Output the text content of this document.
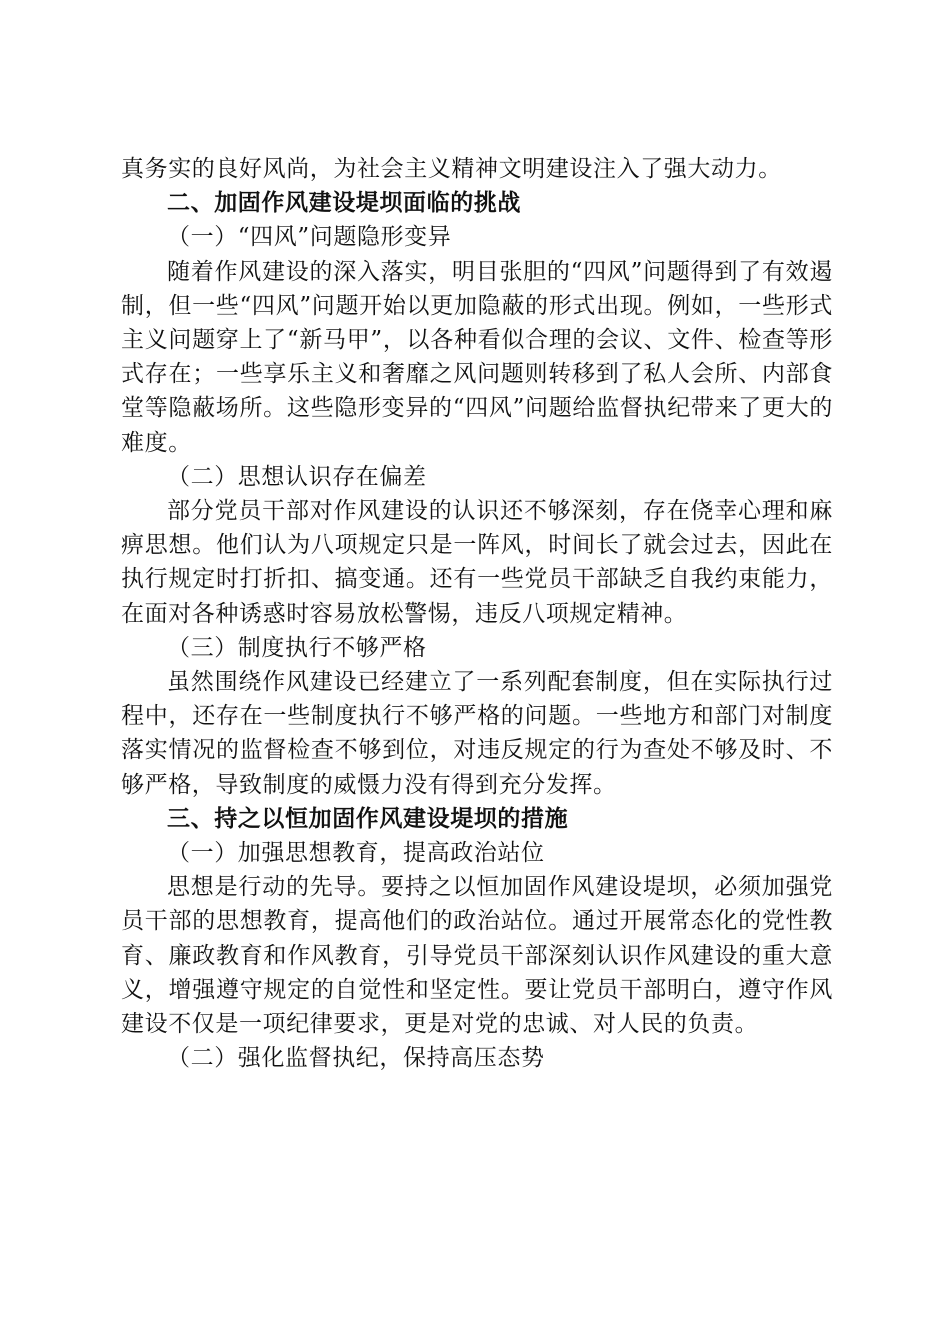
真务实的良好风尚，为社会主义精神文明建设注入了强大动力。

二、加固作风建设堤坝面临的挑战

（一）“四风”问题隐形变异

随着作风建设的深入落实，明目张胆的“四风”问题得到了有效遏制，但一些“四风”问题开始以更加隐蔽的形式出现。例如，一些形式主义问题穿上了“新马甲”，以各种看似合理的会议、文件、检查等形式存在；一些享乐主义和奢靡之风问题则转移到了私人会所、内部食堂等隐蔽场所。这些隐形变异的“四风”问题给监督执纪带来了更大的难度。

（二）思想认识存在偏差

部分党员干部对作风建设的认识还不够深刻，存在侥幸心理和麻痹思想。他们认为八项规定只是一阵风，时间长了就会过去，因此在执行规定时打折扣、搞变通。还有一些党员干部缺乏自我约束能力，在面对各种诱惑时容易放松警惕，违反八项规定精神。

（三）制度执行不够严格

虽然围绕作风建设已经建立了一系列配套制度，但在实际执行过程中，还存在一些制度执行不够严格的问题。一些地方和部门对制度落实情况的监督检查不够到位，对违反规定的行为查处不够及时、不够严格，导致制度的威慑力没有得到充分发挥。

三、持之以恒加固作风建设堤坝的措施

（一）加强思想教育，提高政治站位

思想是行动的先导。要持之以恒加固作风建设堤坝，必须加强党员干部的思想教育，提高他们的政治站位。通过开展常态化的党性教育、廉政教育和作风教育，引导党员干部深刻认识作风建设的重大意义，增强遵守规定的自觉性和坚定性。要让党员干部明白，遵守作风建设不仅是一项纪律要求，更是对党的忠诚、对人民的负责。

（二）强化监督执纪，保持高压态势
